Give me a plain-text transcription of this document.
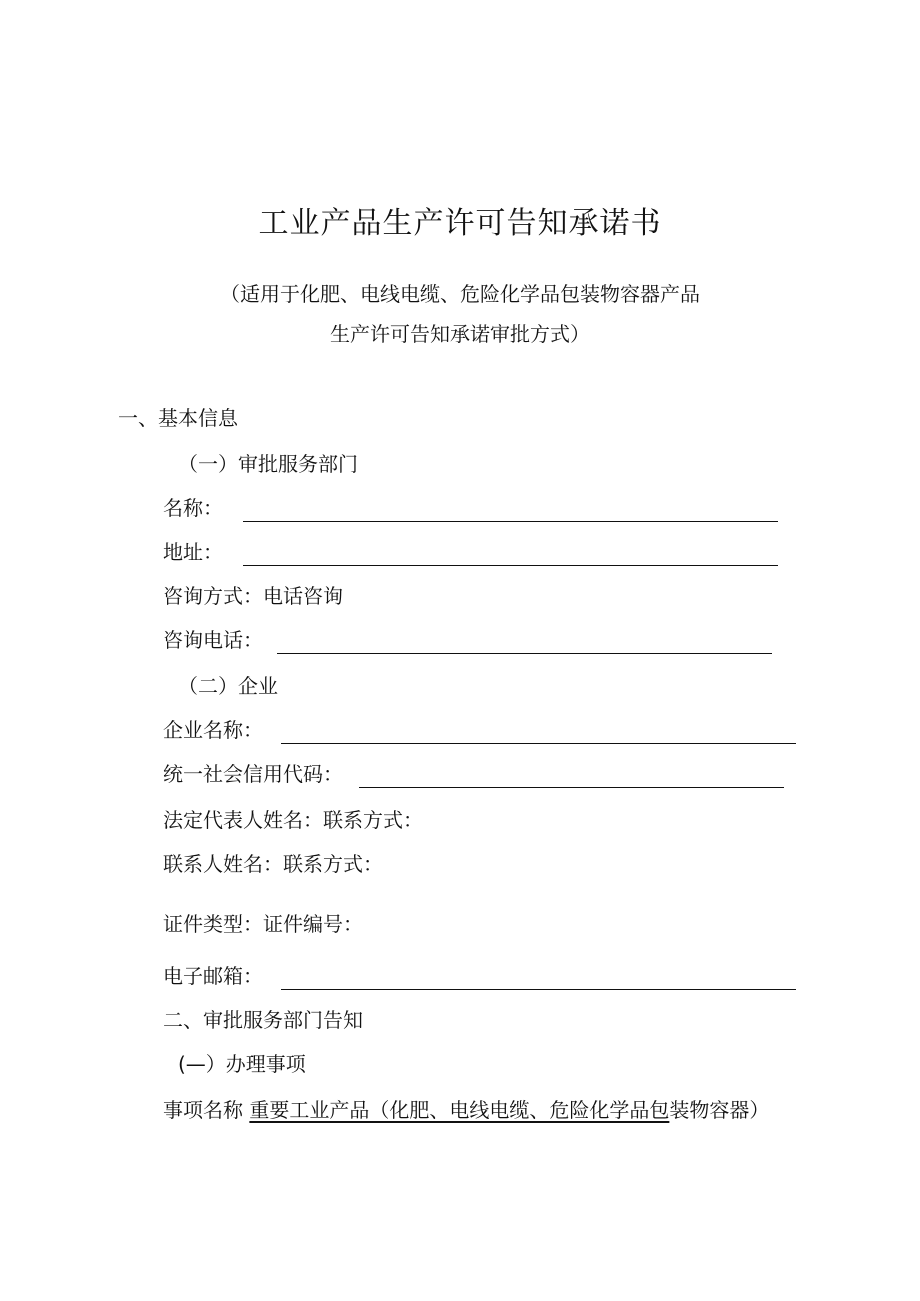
工业产品生产许可告知承诺书
（适用于化肥、电线电缆、危险化学品包装物容器产品
生产许可告知承诺审批方式）
一、基本信息
（一）审批服务部门
名称：
地址：
咨询方式：电话咨询
咨询电话：
（二）企业
企业名称：
统一社会信用代码：
法定代表人姓名：联系方式：
联系人姓名：联系方式：
证件类型：证件编号：
电子邮箱：
二、审批服务部门告知
(—）办理事项
事项名称 重要工业产品（化肥、电线电缆、危险化学品包装物容器）
